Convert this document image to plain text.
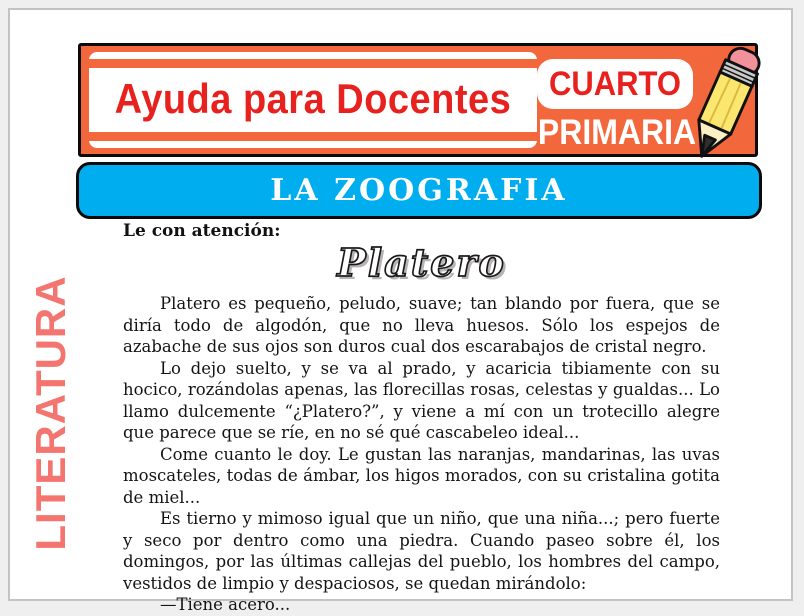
Ayuda para Docentes CUARTO
PRIMARIA
LA ZOOGRAFIA
LITERATURA
Le con atención:
Platero

Platero es pequeño, peludo, suave; tan blando por fuera, que se diría todo de algodón, que no lleva huesos. Sólo los espejos de azabache de sus ojos son duros cual dos escarabajos de cristal negro.

Lo dejo suelto, y se va al prado, y acaricia tibiamente con su hocico, rozándolas apenas, las florecillas rosas, celestas y gualdas... Lo llamo dulcemente “¿Platero?”, y viene a mí con un trotecillo alegre que parece que se ríe, en no sé qué cascabeleo ideal...

Come cuanto le doy. Le gustan las naranjas, mandarinas, las uvas moscateles, todas de ámbar, los higos morados, con su cristalina gotita de miel...

Es tierno y mimoso igual que un niño, que una niña...; pero fuerte y seco por dentro como una piedra. Cuando paseo sobre él, los domingos, por las últimas callejas del pueblo, los hombres del campo, vestidos de limpio y despaciosos, se quedan mirándolo:

—Tiene acero...
